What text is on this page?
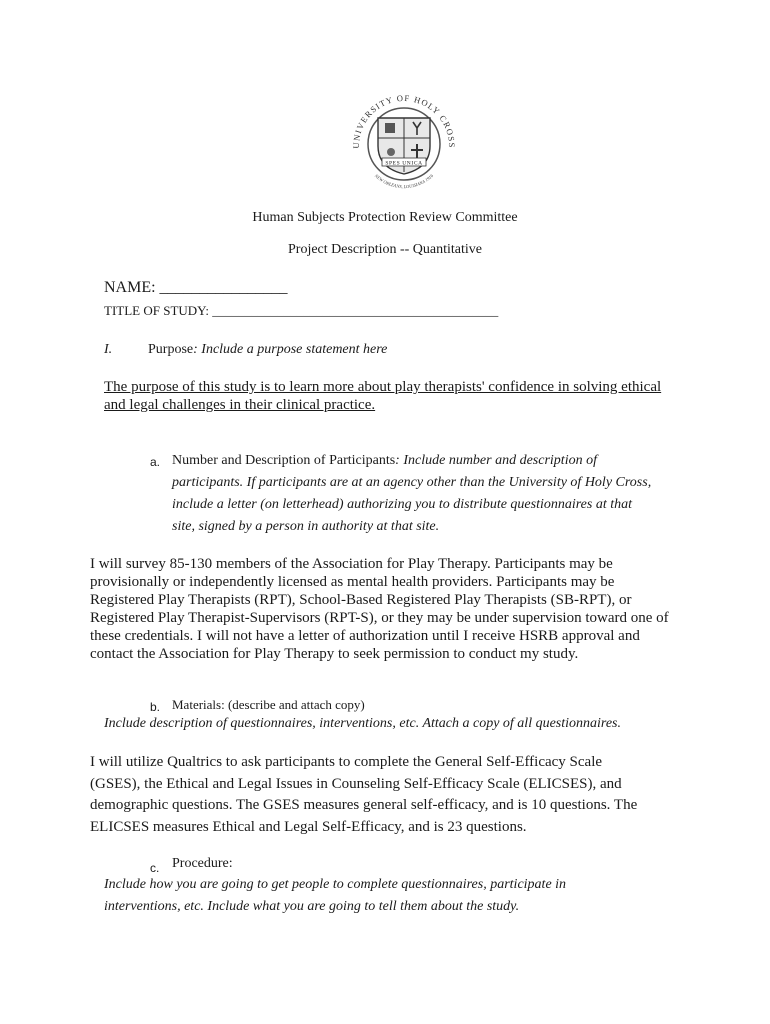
UNIVERSITY OF HOLY CROSS
NEW ORLEANS, LOUISIANA 1916
SPES UNICA
Human Subjects Protection Review Committee
Project Description -- Quantitative
NAME: ________________
TITLE OF STUDY: ____________________________________________
I.	Purpose: Include a purpose statement here
The purpose of this study is to learn more about play therapists' confidence in solving ethical
and legal challenges in their clinical practice.
a. Number and Description of Participants: Include number and description of
participants. If participants are at an agency other than the University of Holy Cross,
include a letter (on letterhead) authorizing you to distribute questionnaires at that
site, signed by a person in authority at that site.
I will survey 85-130 members of the Association for Play Therapy. Participants may be
provisionally or independently licensed as mental health providers. Participants may be
Registered Play Therapists (RPT), School-Based Registered Play Therapists (SB-RPT), or
Registered Play Therapist-Supervisors (RPT-S), or they may be under supervision toward one of
these credentials. I will not have a letter of authorization until I receive HSRB approval and
contact the Association for Play Therapy to seek permission to conduct my study.
b. Materials: (describe and attach copy)
Include description of questionnaires, interventions, etc. Attach a copy of all questionnaires.
I will utilize Qualtrics to ask participants to complete the General Self-Efficacy Scale
(GSES), the Ethical and Legal Issues in Counseling Self-Efficacy Scale (ELICSES), and
demographic questions. The GSES measures general self-efficacy, and is 10 questions. The
ELICSES measures Ethical and Legal Self-Efficacy, and is 23 questions.
c. Procedure:
Include how you are going to get people to complete questionnaires, participate in
interventions, etc. Include what you are going to tell them about the study.
